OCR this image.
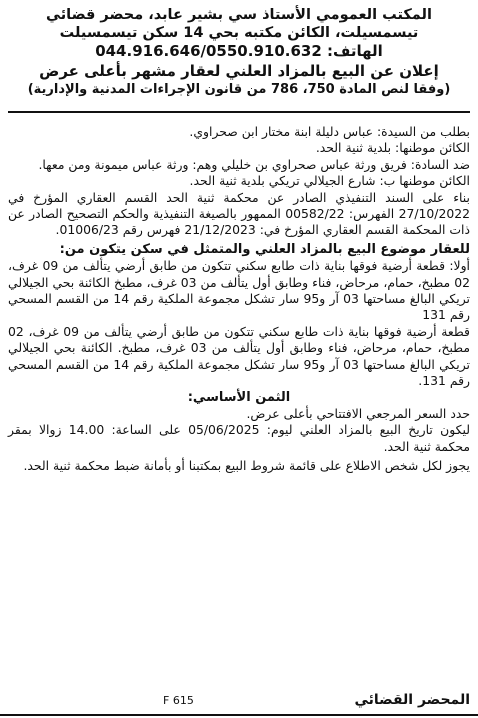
المكتب العمومي الأستاذ سي بشير عابد، محضر قضائي
تيسمسيلت، الكائن مكتبه بحي 14 سكن تيسمسيلت
الهاتف: 044.916.646/0550.910.632
إعلان عن البيع بالمزاد العلني لعقار مشهر بأعلى عرض
(وفقا لنص المادة 750، 786 من قانون الإجراءات المدنية والإدارية)

بطلب من السيدة: عباس دليلة ابنة مختار ابن صحراوي.

الكائن موطنها: بلدية ثنية الحد.

ضد السادة: فريق ورثة عباس صحراوي بن خليلي وهم: ورثة عباس ميمونة ومن معها.

الكائن موطنها ب: شارع الجيلالي تريكي بلدية ثنية الحد.

بناء على السند التنفيذي الصادر عن محكمة ثنية الحد القسم العقاري المؤرخ في 27/10/2022 الفهرس: 00582/22 الممهور بالصيغة التنفيذية والحكم التصحيح الصادر عن ذات المحكمة القسم العقاري المؤرخ في: 21/12/2023 فهرس رقم 01006/23.

للعقار موضوع البيع بالمزاد العلني والمتمثل في سكن يتكون من:

أولا: قطعة أرضية فوقها بناية ذات طابع سكني تتكون من طابق أرضي يتألف من 09 غرف، 02 مطبخ، حمام، مرحاض، فناء وطابق أول يتألف من 03 غرف، مطبخ الكائنة بحي الجيلالي تريكي البالغ مساحتها 03 آر و95 سار تشكل مجموعة الملكية رقم 14 من القسم المسحي رقم 131

قطعة أرضية فوقها بناية ذات طابع سكني تتكون من طابق أرضي يتألف من 09 غرف، 02 مطبخ، حمام، مرحاض، فناء وطابق أول يتألف من 03 غرف، مطبخ. الكائنة بحي الجيلالي تريكي البالغ مساحتها 03 آر و95 سار تشكل مجموعة الملكية رقم 14 من القسم المسحي رقم 131.

الثمن الأساسي:

حدد السعر المرجعي الافتتاحي بأعلى عرض.

ليكون تاريخ البيع بالمزاد العلني ليوم: 05/06/2025 على الساعة: 14.00 زوالا بمقر محكمة ثنية الحد.

يجوز لكل شخص الاطلاع على قائمة شروط البيع بمكتبنا أو بأمانة ضبط محكمة ثنية الحد.

المحضر القضائي
F 615
